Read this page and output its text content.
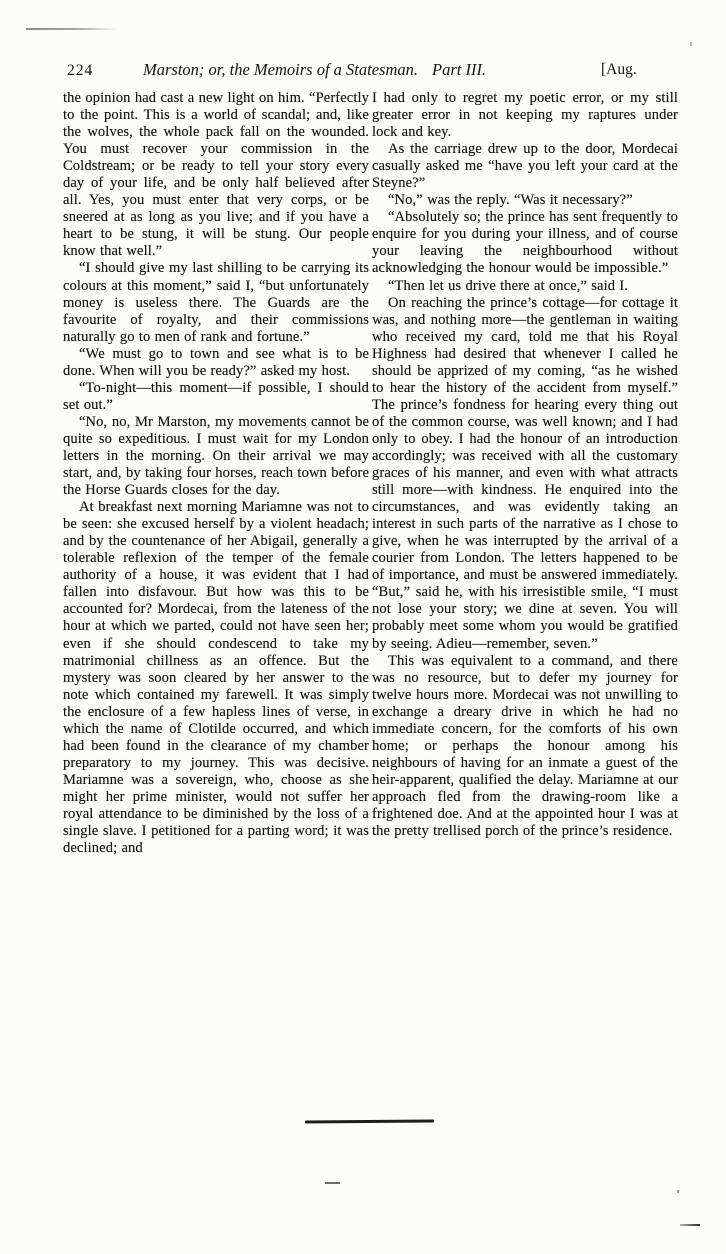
224	Marston; or, the Memoirs of a Statesman. Part III.	[Aug.

the opinion had cast a new light on him. “Perfectly to the point. This is a world of scandal; and, like the wolves, the whole pack fall on the wounded. You must recover your commission in the Coldstream; or be ready to tell your story every day of your life, and be only half believed after all. Yes, you must enter that very corps, or be sneered at as long as you live; and if you have a heart to be stung, it will be stung. Our people know that well.”

“I should give my last shilling to be carrying its colours at this moment,” said I, “but unfortunately money is useless there. The Guards are the favourite of royalty, and their commissions naturally go to men of rank and fortune.”

“We must go to town and see what is to be done. When will you be ready?” asked my host.

“To-night—this moment—if possible, I should set out.”

“No, no, Mr Marston, my movements cannot be quite so expeditious. I must wait for my London letters in the morning. On their arrival we may start, and, by taking four horses, reach town before the Horse Guards closes for the day.

At breakfast next morning Mariamne was not to be seen: she excused herself by a violent headach; and by the countenance of her Abigail, generally a tolerable reflexion of the temper of the female authority of a house, it was evident that I had fallen into disfavour. But how was this to be accounted for? Mordecai, from the lateness of the hour at which we parted, could not have seen her; even if she should condescend to take my matrimonial chillness as an offence. But the mystery was soon cleared by her answer to the note which contained my farewell. It was simply the enclosure of a few hapless lines of verse, in which the name of Clotilde occurred, and which had been found in the clearance of my chamber preparatory to my journey. This was decisive. Mariamne was a sovereign, who, choose as she might her prime minister, would not suffer her royal attendance to be diminished by the loss of a single slave. I petitioned for a parting word; it was declined; and

I had only to regret my poetic error, or my still greater error in not keeping my raptures under lock and key.

As the carriage drew up to the door, Mordecai casually asked me “have you left your card at the Steyne?”

“No,” was the reply. “Was it necessary?”

“Absolutely so; the prince has sent frequently to enquire for you during your illness, and of course your leaving the neighbourhood without acknowledging the honour would be impossible.”

“Then let us drive there at once,” said I.

On reaching the prince’s cottage—for cottage it was, and nothing more—the gentleman in waiting who received my card, told me that his Royal Highness had desired that whenever I called he should be apprized of my coming, “as he wished to hear the history of the accident from myself.” The prince’s fondness for hearing every thing out of the common course, was well known; and I had only to obey. I had the honour of an introduction accordingly; was received with all the customary graces of his manner, and even with what attracts still more—with kindness. He enquired into the circumstances, and was evidently taking an interest in such parts of the narrative as I chose to give, when he was interrupted by the arrival of a courier from London. The letters happened to be of importance, and must be answered immediately. “But,” said he, with his irresistible smile, “I must not lose your story; we dine at seven. You will probably meet some whom you would be gratified by seeing. Adieu—remember, seven.”

This was equivalent to a command, and there was no resource, but to defer my journey for twelve hours more. Mordecai was not unwilling to exchange a dreary drive in which he had no immediate concern, for the comforts of his own home; or perhaps the honour among his neighbours of having for an inmate a guest of the heir-apparent, qualified the delay. Mariamne at our approach fled from the drawing-room like a frightened doe. And at the appointed hour I was at the pretty trellised porch of the prince’s residence.
